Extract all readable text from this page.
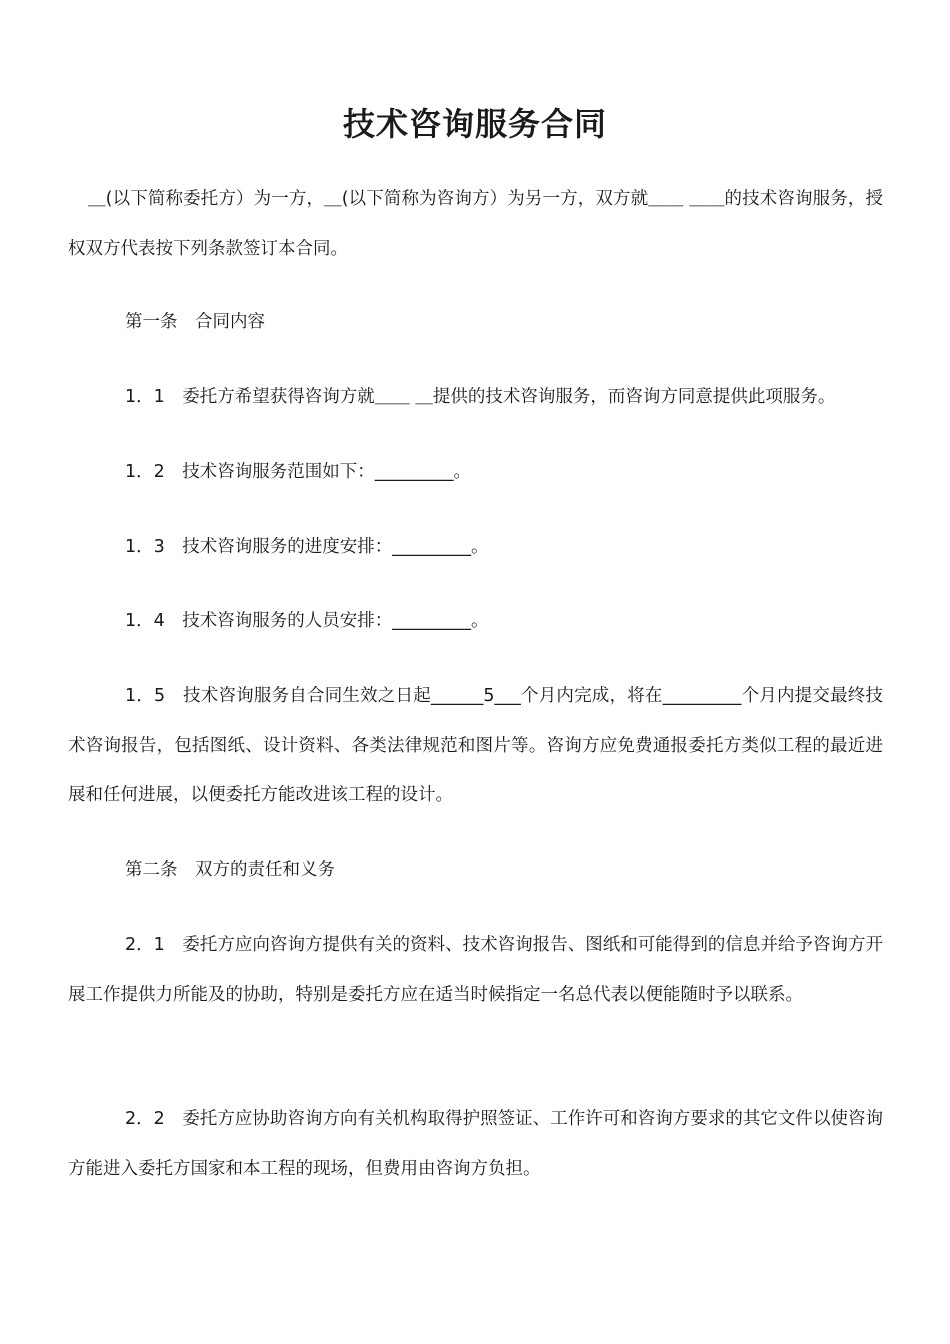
技术咨询服务合同
＿(以下简称委托方）为一方，＿(以下简称为咨询方）为另一方，双方就＿＿ ＿＿的技术咨询服务，授权双方代表按下列条款签订本合同。
第一条　合同内容
1．1　委托方希望获得咨询方就＿＿ ＿提供的技术咨询服务，而咨询方同意提供此项服务。
1．2　技术咨询服务范围如下：_________。
1．3　技术咨询服务的进度安排：_________。
1．4　技术咨询服务的人员安排：_________。
1．5　技术咨询服务自合同生效之日起______5___个月内完成，将在_________个月内提交最终技术咨询报告，包括图纸、设计资料、各类法律规范和图片等。咨询方应免费通报委托方类似工程的最近进展和任何进展，以便委托方能改进该工程的设计。
第二条　双方的责任和义务
2．1　委托方应向咨询方提供有关的资料、技术咨询报告、图纸和可能得到的信息并给予咨询方开展工作提供力所能及的协助，特别是委托方应在适当时候指定一名总代表以便能随时予以联系。
2．2　委托方应协助咨询方向有关机构取得护照签证、工作许可和咨询方要求的其它文件以使咨询方能进入委托方国家和本工程的现场，但费用由咨询方负担。
